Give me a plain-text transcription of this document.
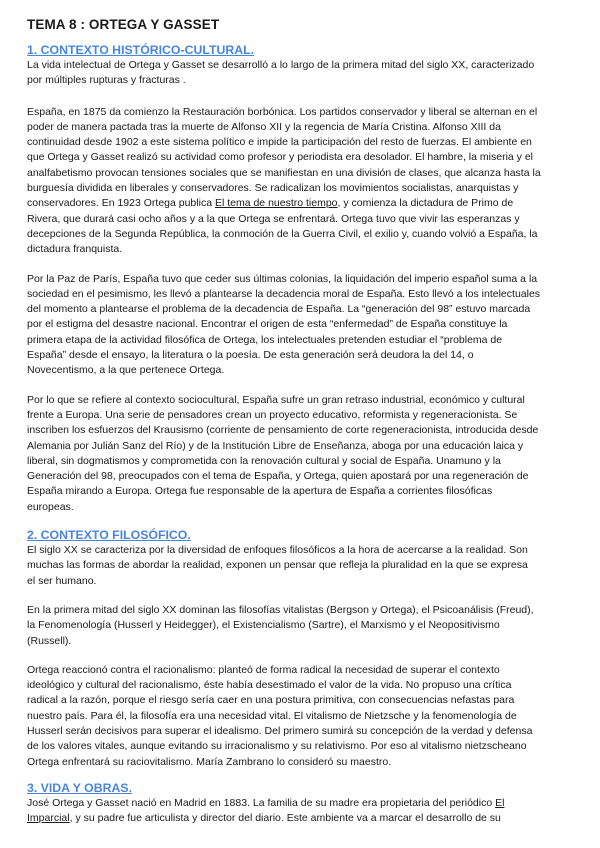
TEMA 8 : ORTEGA Y GASSET
1. CONTEXTO HISTÓRICO-CULTURAL.

La vida intelectual de Ortega y Gasset se desarrolló a lo largo de la primera mitad del siglo XX, caracterizado
por múltiples rupturas y fracturas .

España, en 1875 da comienzo la Restauración borbónica. Los partidos conservador y liberal se alternan en el
poder de manera pactada tras la muerte de Alfonso XII y la regencia de María Cristina. Alfonso XIII da
continuidad desde 1902 a este sistema político e impide la participación del resto de fuerzas. El ambiente en
que Ortega y Gasset realizó su actividad como profesor y periodista era desolador. El hambre, la miseria y el
analfabetismo provocan tensiones sociales que se manifiestan en una división de clases, que alcanza hasta la
burguesía dividida en liberales y conservadores. Se radicalizan los movimientos socialistas, anarquistas y
conservadores. En 1923 Ortega publica El tema de nuestro tiempo, y comienza la dictadura de Primo de
Rivera, que durará casi ocho años y a la que Ortega se enfrentará. Ortega tuvo que vivir las esperanzas y
decepciones de la Segunda República, la conmoción de la Guerra Civil, el exilio y, cuando volvió a España, la
dictadura franquista.

Por la Paz de París, España tuvo que ceder sus últimas colonias, la liquidación del imperio español suma a la
sociedad en el pesimismo, les llevó a plantearse la decadencia moral de España. Esto llevó a los intelectuales
del momento a plantearse el problema de la decadencia de España. La “generación del 98” estuvo marcada
por el estigma del desastre nacional. Encontrar el origen de esta “enfermedad” de España constituye la
primera etapa de la actividad filosófica de Ortega, los intelectuales pretenden estudiar el “problema de
España” desde el ensayo, la literatura o la poesía. De esta generación será deudora la del 14, o
Novecentismo, a la que pertenece Ortega.

Por lo que se refiere al contexto sociocultural, España sufre un gran retraso industrial, económico y cultural
frente a Europa. Una serie de pensadores crean un proyecto educativo, reformista y regeneracionista. Se
inscriben los esfuerzos del Krausismo (corriente de pensamiento de corte regeneracionista, introducida desde
Alemania por Julián Sanz del Río) y de la Institución Libre de Enseñanza, aboga por una educación laica y
liberal, sin dogmatismos y comprometida con la renovación cultural y social de España. Unamuno y la
Generación del 98, preocupados con el tema de España, y Ortega, quien apostará por una regeneración de
España mirando a Europa. Ortega fue responsable de la apertura de España a corrientes filosóficas
europeas.

2. CONTEXTO FILOSÓFICO.

El siglo XX se caracteriza por la diversidad de enfoques filosóficos a la hora de acercarse a la realidad. Son
muchas las formas de abordar la realidad, exponen un pensar que refleja la pluralidad en la que se expresa
el ser humano.

En la primera mitad del siglo XX dominan las filosofías vitalistas (Bergson y Ortega), el Psicoanálisis (Freud),
la Fenomenología (Husserl y Heidegger), el Existencialismo (Sartre), el Marxismo y el Neopositivismo
(Russell).

Ortega reaccionó contra el racionalismo: planteó de forma radical la necesidad de superar el contexto
ideológico y cultural del racionalismo, éste había desestimado el valor de la vida. No propuso una crítica
radical a la razón, porque el riesgo sería caer en una postura primitiva, con consecuencias nefastas para
nuestro país. Para él, la filosofía era una necesidad vital. El vitalismo de Nietzsche y la fenomenología de
Husserl serán decisivos para superar el idealismo. Del primero sumirá su concepción de la verdad y defensa
de los valores vitales, aunque evitando su irracionalismo y su relativismo. Por eso al vitalismo nietzscheano
Ortega enfrentará su raciovitalismo. María Zambrano lo consideró su maestro.

3. VIDA Y OBRAS.

José Ortega y Gasset nació en Madrid en 1883. La familia de su madre era propietaria del periódico El
Imparcial, y su padre fue articulista y director del diario. Este ambiente va a marcar el desarrollo de su
